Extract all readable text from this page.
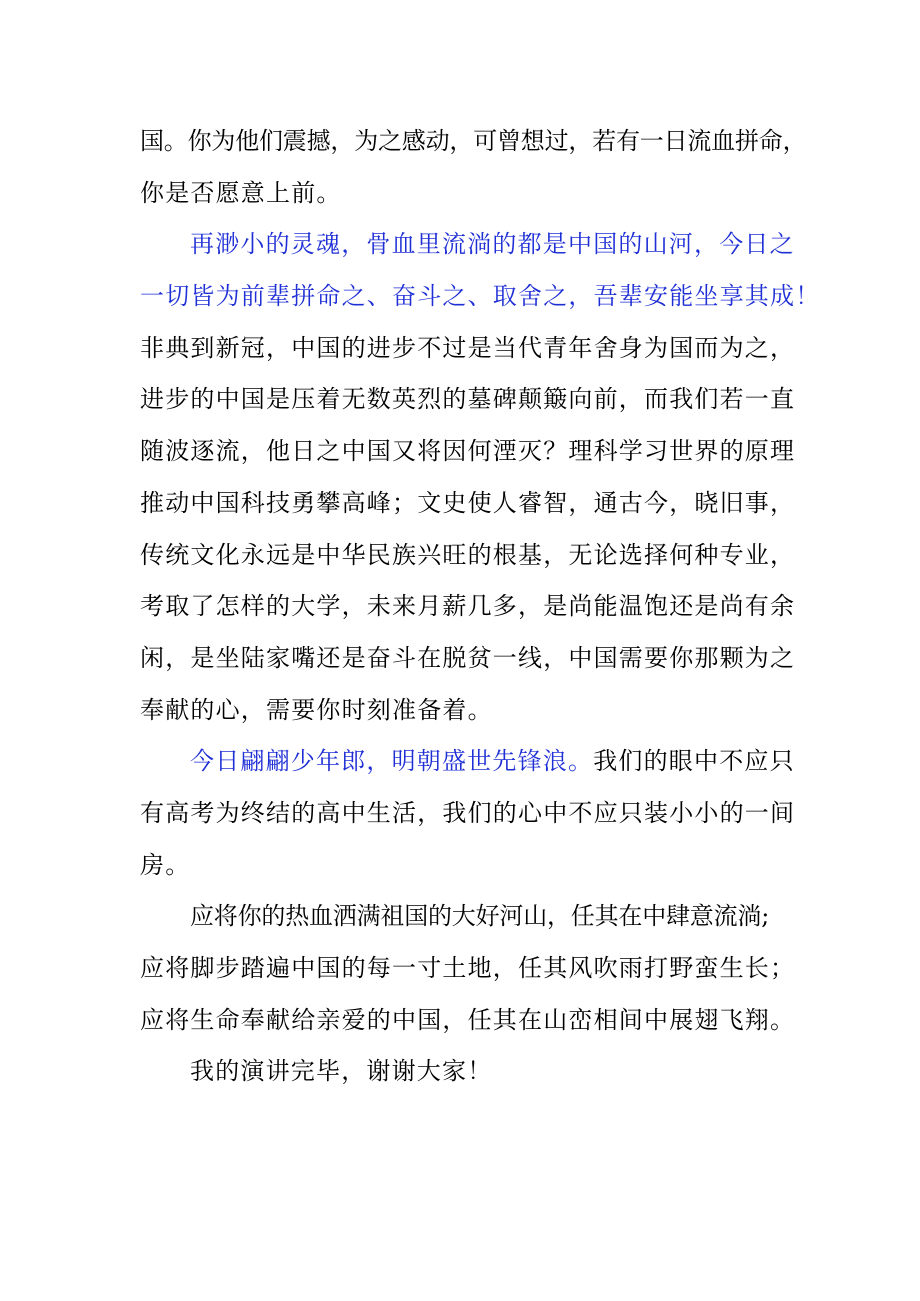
国。你为他们震撼，为之感动，可曾想过，若有一日流血拼命，
你是否愿意上前。
再渺小的灵魂，骨血里流淌的都是中国的山河，今日之
一切皆为前辈拼命之、奋斗之、取舍之，吾辈安能坐享其成！
非典到新冠，中国的进步不过是当代青年舍身为国而为之，
进步的中国是压着无数英烈的墓碑颠簸向前，而我们若一直
随波逐流，他日之中国又将因何湮灭？理科学习世界的原理
推动中国科技勇攀高峰；文史使人睿智，通古今，晓旧事，
传统文化永远是中华民族兴旺的根基，无论选择何种专业，
考取了怎样的大学，未来月薪几多，是尚能温饱还是尚有余
闲，是坐陆家嘴还是奋斗在脱贫一线，中国需要你那颗为之
奉献的心，需要你时刻准备着。
今日翩翩少年郎，明朝盛世先锋浪。我们的眼中不应只
有高考为终结的高中生活，我们的心中不应只装小小的一间
房。
应将你的热血洒满祖国的大好河山，任其在中肆意流淌;
应将脚步踏遍中国的每一寸土地，任其风吹雨打野蛮生长；
应将生命奉献给亲爱的中国，任其在山峦相间中展翅飞翔。
我的演讲完毕，谢谢大家！
